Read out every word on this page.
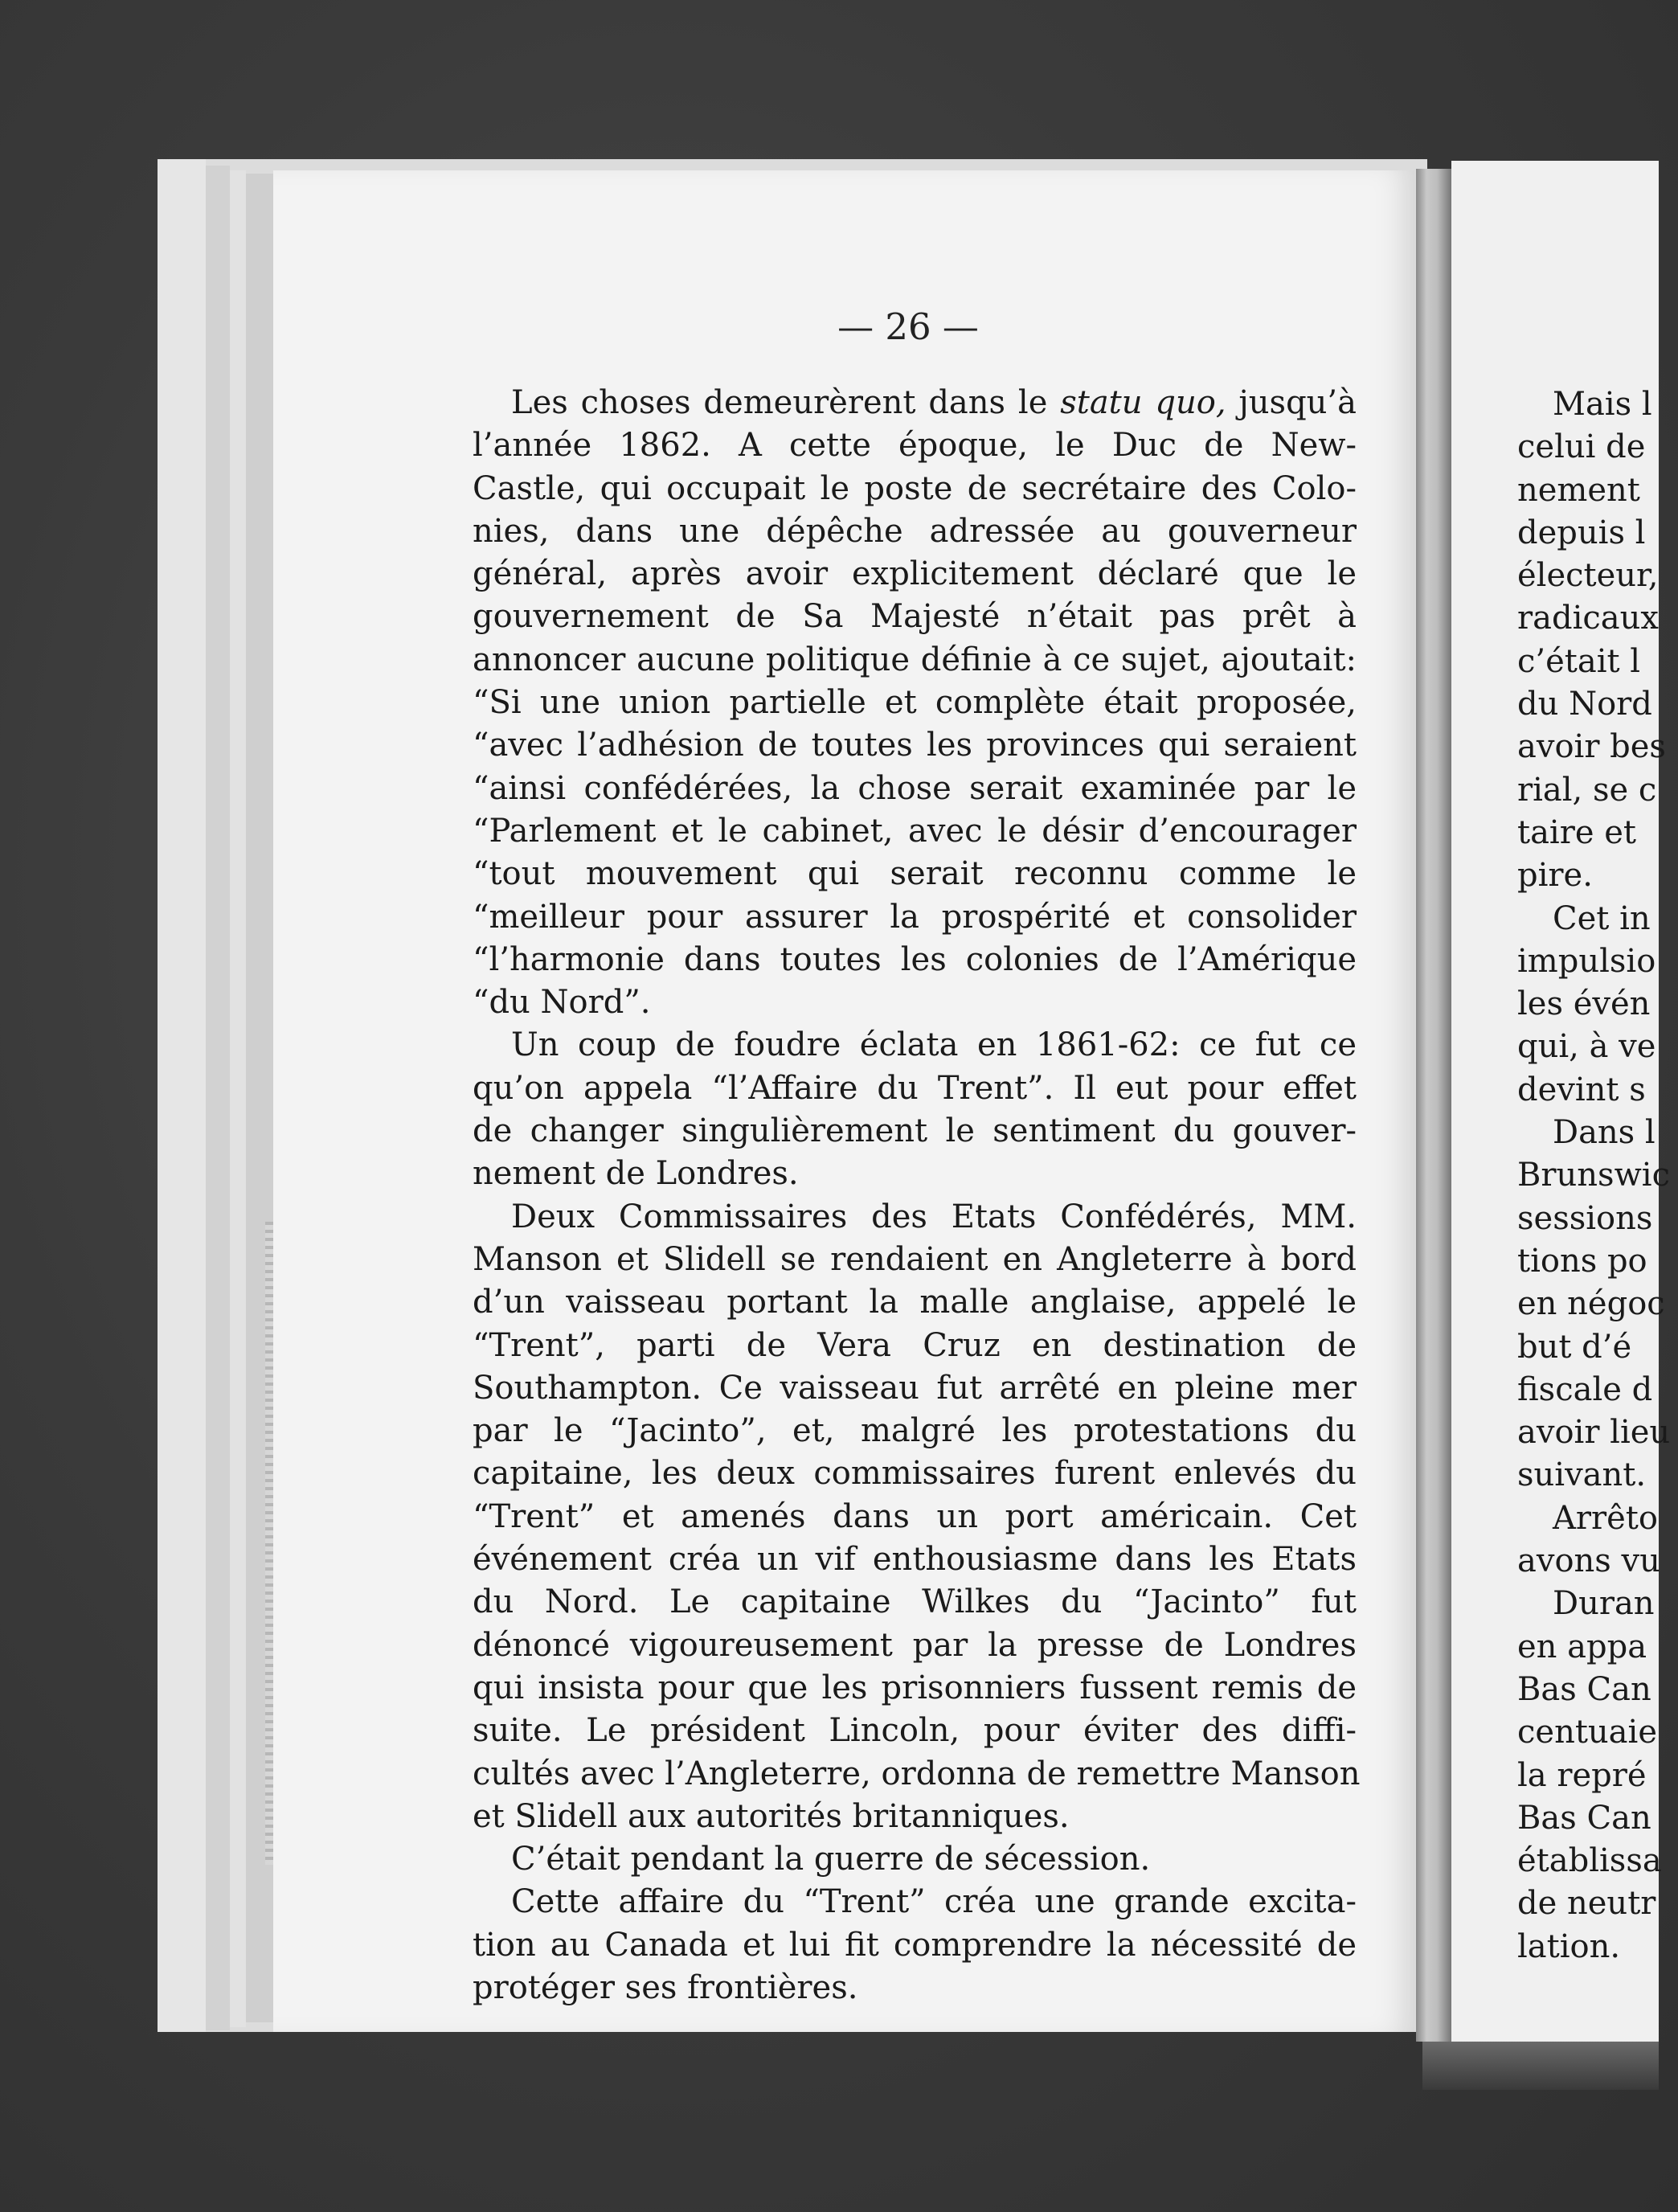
— 26 —
Les choses demeurèrent dans le statu quo, jusqu’à
l’année 1862. A cette époque, le Duc de New-
Castle, qui occupait le poste de secrétaire des Colo-
nies, dans une dépêche adressée au gouverneur
général, après avoir explicitement déclaré que le
gouvernement de Sa Majesté n’était pas prêt à
annoncer aucune politique définie à ce sujet, ajoutait:
“Si une union partielle et complète était proposée,
“avec l’adhésion de toutes les provinces qui seraient
“ainsi confédérées, la chose serait examinée par le
“Parlement et le cabinet, avec le désir d’encourager
“tout mouvement qui serait reconnu comme le
“meilleur pour assurer la prospérité et consolider
“l’harmonie dans toutes les colonies de l’Amérique
“du Nord”.
Un coup de foudre éclata en 1861-62: ce fut ce
qu’on appela “l’Affaire du Trent”. Il eut pour effet
de changer singulièrement le sentiment du gouver-
nement de Londres.
Deux Commissaires des Etats Confédérés, MM.
Manson et Slidell se rendaient en Angleterre à bord
d’un vaisseau portant la malle anglaise, appelé le
“Trent”, parti de Vera Cruz en destination de
Southampton. Ce vaisseau fut arrêté en pleine mer
par le “Jacinto”, et, malgré les protestations du
capitaine, les deux commissaires furent enlevés du
“Trent” et amenés dans un port américain. Cet
événement créa un vif enthousiasme dans les Etats
du Nord. Le capitaine Wilkes du “Jacinto” fut
dénoncé vigoureusement par la presse de Londres
qui insista pour que les prisonniers fussent remis de
suite. Le président Lincoln, pour éviter des diffi-
cultés avec l’Angleterre, ordonna de remettre Manson
et Slidell aux autorités britanniques.
C’était pendant la guerre de sécession.
Cette affaire du “Trent” créa une grande excita-
tion au Canada et lui fit comprendre la nécessité de
protéger ses frontières.
Mais l
celui de
nement
depuis l
électeur,
radicaux
c’était l
du Nord
avoir bes
rial, se c
taire et
pire.
Cet in
impulsio
les évén
qui, à ve
devint s
Dans l
Brunswic
sessions
tions po
en négoc
but d’é
fiscale d
avoir lieu
suivant.
Arrêto
avons vu
Duran
en appa
Bas Can
centuaie
la repré
Bas Can
établissa
de neutr
lation.
